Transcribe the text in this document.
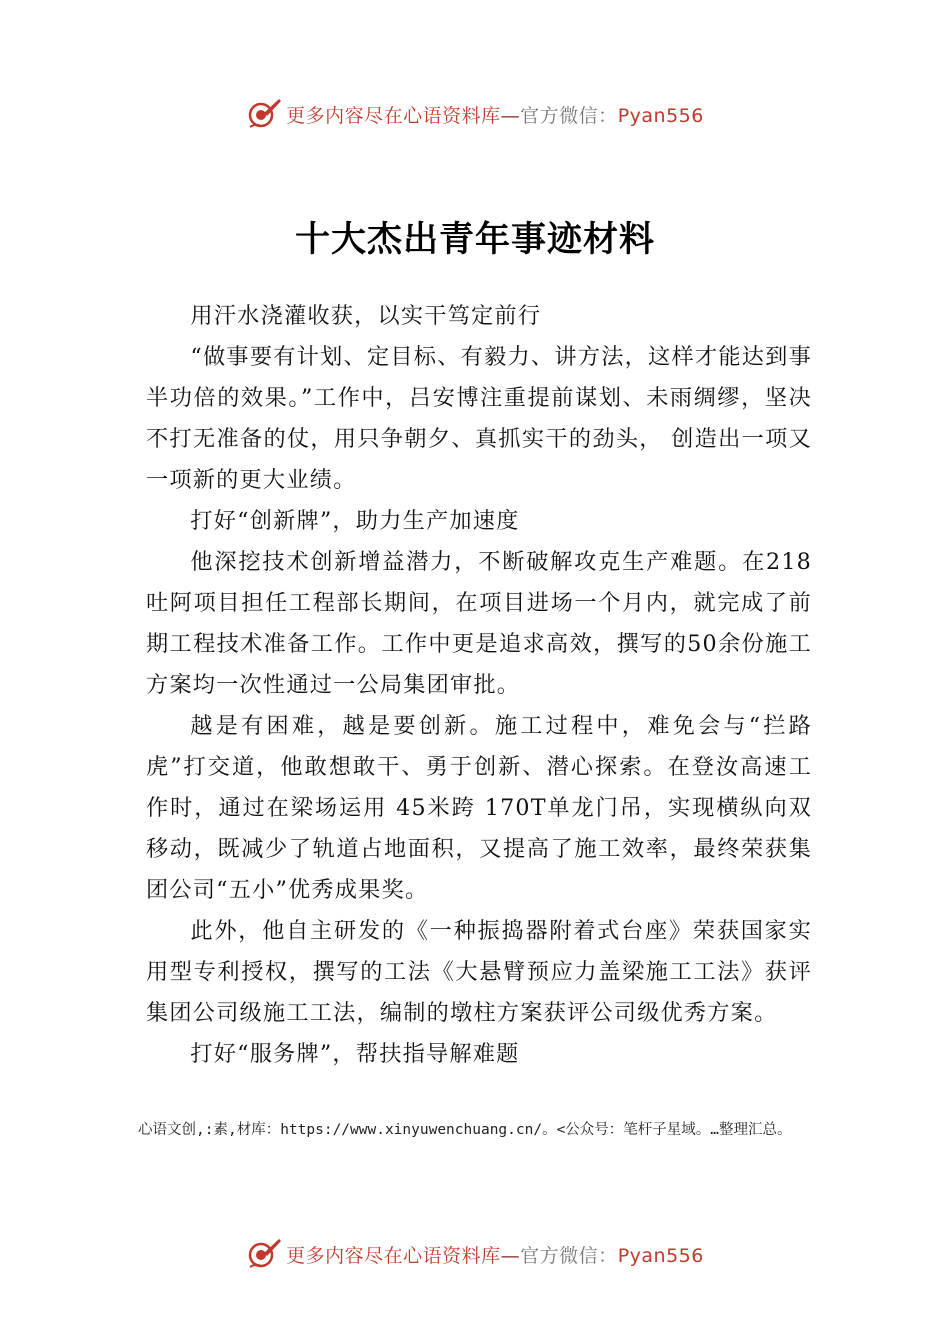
更多内容尽在心语资料库—官方微信：Pyan556
十大杰出青年事迹材料

用汗水浇灌收获，以实干笃定前行

“做事要有计划、定目标、有毅力、讲方法，这样才能达到事半功倍的效果。”工作中，吕安博注重提前谋划、未雨绸缪，坚决不打无准备的仗，用只争朝夕、真抓实干的劲头， 创造出一项又一项新的更大业绩。

打好“创新牌”，助力生产加速度

他深挖技术创新增益潜力，不断破解攻克生产难题。在218吐阿项目担任工程部长期间，在项目进场一个月内，就完成了前期工程技术准备工作。工作中更是追求高效，撰写的50余份施工方案均一次性通过一公局集团审批。

越是有困难，越是要创新。施工过程中，难免会与“拦路虎”打交道，他敢想敢干、勇于创新、潜心探索。在登汝高速工作时，通过在梁场运用 45米跨 170T单龙门吊，实现横纵向双移动，既减少了轨道占地面积，又提高了施工效率，最终荣获集团公司“五小”优秀成果奖。

此外，他自主研发的《一种振捣器附着式台座》荣获国家实用型专利授权，撰写的工法《大悬臂预应力盖梁施工工法》获评集团公司级施工工法，编制的墩柱方案获评公司级优秀方案。

打好“服务牌”，帮扶指导解难题

心语文创,:素,材库：https://www.xinyuwenchuang.cn/。<公众号：笔杆子星域。…整理汇总。
更多内容尽在心语资料库—官方微信：Pyan556
